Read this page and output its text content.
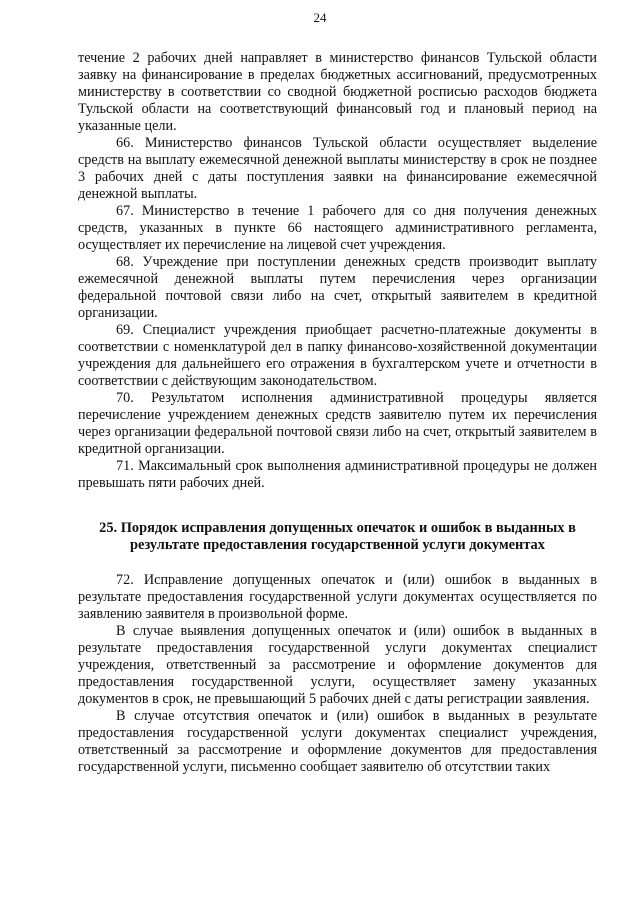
24

течение 2 рабочих дней направляет в министерство финансов Тульской области заявку на финансирование в пределах бюджетных ассигнований, предусмотренных министерству в соответствии со сводной бюджетной росписью расходов бюджета Тульской области на соответствующий финансовый год и плановый период на указанные цели.

66. Министерство финансов Тульской области осуществляет выделение средств на выплату ежемесячной денежной выплаты министерству в срок не позднее 3 рабочих дней с даты поступления заявки на финансирование ежемесячной денежной выплаты.

67. Министерство в течение 1 рабочего для со дня получения денежных средств, указанных в пункте 66 настоящего административного регламента, осуществляет их перечисление на лицевой счет учреждения.

68. Учреждение при поступлении денежных средств производит выплату ежемесячной денежной выплаты путем перечисления через организации федеральной почтовой связи либо на счет, открытый заявителем в кредитной организации.

69. Специалист учреждения приобщает расчетно-платежные документы в соответствии с номенклатурой дел в папку финансово-хозяйственной документации учреждения для дальнейшего его отражения в бухгалтерском учете и отчетности в соответствии с действующим законодательством.

70. Результатом исполнения административной процедуры является перечисление учреждением денежных средств заявителю путем их перечисления через организации федеральной почтовой связи либо на счет, открытый заявителем в кредитной организации.

71. Максимальный срок выполнения административной процедуры не должен превышать пяти рабочих дней.

25. Порядок исправления допущенных опечаток и ошибок в выданных в результате предоставления государственной услуги документах

72. Исправление допущенных опечаток и (или) ошибок в выданных в результате предоставления государственной услуги документах осуществляется по заявлению заявителя в произвольной форме.

В случае выявления допущенных опечаток и (или) ошибок в выданных в результате предоставления государственной услуги документах специалист учреждения, ответственный за рассмотрение и оформление документов для предоставления государственной услуги, осуществляет замену указанных документов в срок, не превышающий 5 рабочих дней с даты регистрации заявления.

В случае отсутствия опечаток и (или) ошибок в выданных в результате предоставления государственной услуги документах специалист учреждения, ответственный за рассмотрение и оформление документов для предоставления государственной услуги, письменно сообщает заявителю об отсутствии таких
